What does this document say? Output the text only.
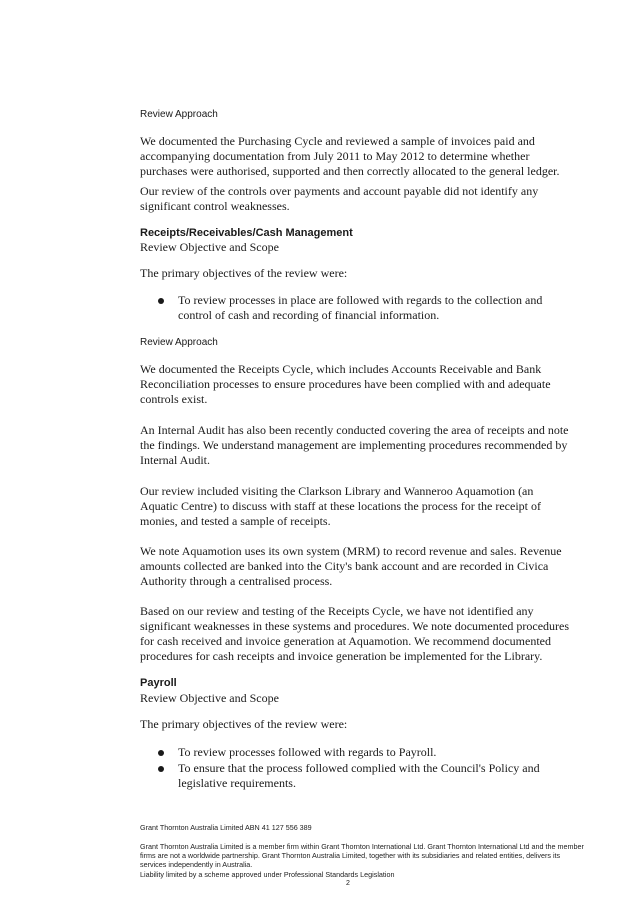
Review Approach

We documented the Purchasing Cycle and reviewed a sample of invoices paid and accompanying documentation from July 2011 to May 2012 to determine whether purchases were authorised, supported and then correctly allocated to the general ledger.

Our review of the controls over payments and account payable did not identify any significant control weaknesses.

Receipts/Receivables/Cash Management

Review Objective and Scope

The primary objectives of the review were:

To review processes in place are followed with regards to the collection and control of cash and recording of financial information.

Review Approach

We documented the Receipts Cycle, which includes Accounts Receivable and Bank Reconciliation processes to ensure procedures have been complied with and adequate controls exist.

An Internal Audit has also been recently conducted covering the area of receipts and note the findings. We understand management are implementing procedures recommended by Internal Audit.

Our review included visiting the Clarkson Library and Wanneroo Aquamotion (an Aquatic Centre) to discuss with staff at these locations the process for the receipt of monies, and tested a sample of receipts.

We note Aquamotion uses its own system (MRM) to record revenue and sales. Revenue amounts collected are banked into the City's bank account and are recorded in Civica Authority through a centralised process.

Based on our review and testing of the Receipts Cycle, we have not identified any significant weaknesses in these systems and procedures. We note documented procedures for cash received and invoice generation at Aquamotion. We recommend documented procedures for cash receipts and invoice generation be implemented for the Library.

Payroll

Review Objective and Scope

The primary objectives of the review were:

To review processes followed with regards to Payroll.

To ensure that the process followed complied with the Council's Policy and legislative requirements.

Grant Thornton Australia Limited ABN 41 127 556 389

Grant Thornton Australia Limited is a member firm within Grant Thornton International Ltd. Grant Thornton International Ltd and the member firms are not a worldwide partnership. Grant Thornton Australia Limited, together with its subsidiaries and related entities, delivers its services independently in Australia.

Liability limited by a scheme approved under Professional Standards Legislation

2
